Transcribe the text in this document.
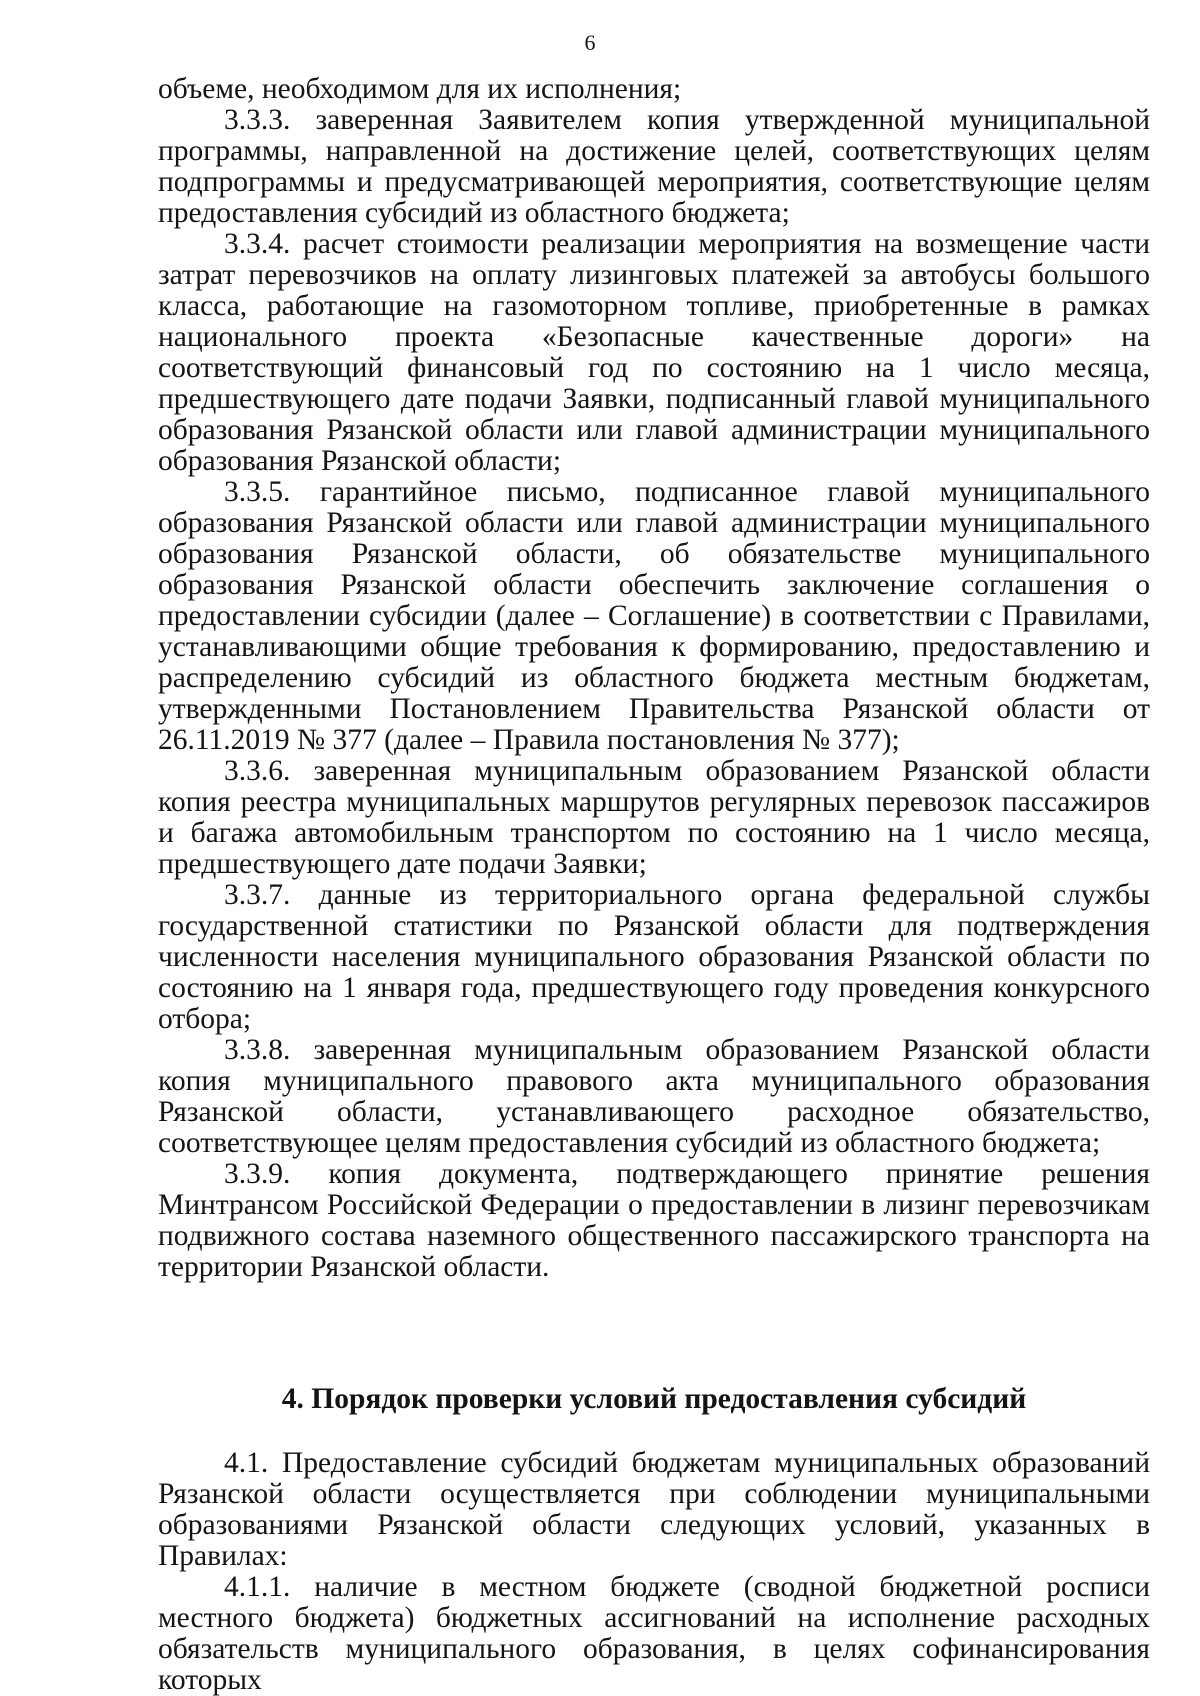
6

объеме, необходимом для их исполнения;

3.3.3. заверенная Заявителем копия утвержденной муниципальной программы, направленной на достижение целей, соответствующих целям подпрограммы и предусматривающей мероприятия, соответствующие целям предоставления субсидий из областного бюджета;

3.3.4. расчет стоимости реализации мероприятия на возмещение части затрат перевозчиков на оплату лизинговых платежей за автобусы большого класса, работающие на газомоторном топливе, приобретенные в рамках национального проекта «Безопасные качественные дороги» на соответствующий финансовый год по состоянию на 1 число месяца, предшествующего дате подачи Заявки, подписанный главой муниципального образования Рязанской области или главой администрации муниципального образования Рязанской области;

3.3.5. гарантийное письмо, подписанное главой муниципального образования Рязанской области или главой администрации муниципального образования Рязанской области, об обязательстве муниципального образования Рязанской области обеспечить заключение соглашения о предоставлении субсидии (далее – Соглашение) в соответствии с Правилами, устанавливающими общие требования к формированию, предоставлению и распределению субсидий из областного бюджета местным бюджетам, утвержденными Постановлением Правительства Рязанской области от 26.11.2019 № 377 (далее – Правила постановления № 377);

3.3.6. заверенная муниципальным образованием Рязанской области копия реестра муниципальных маршрутов регулярных перевозок пассажиров и багажа автомобильным транспортом по состоянию на 1 число месяца, предшествующего дате подачи Заявки;

3.3.7. данные из территориального органа федеральной службы государственной статистики по Рязанской области для подтверждения численности населения муниципального образования Рязанской области по состоянию на 1 января года, предшествующего году проведения конкурсного отбора;

3.3.8. заверенная муниципальным образованием Рязанской области копия муниципального правового акта муниципального образования Рязанской области, устанавливающего расходное обязательство, соответствующее целям предоставления субсидий из областного бюджета;

3.3.9. копия документа, подтверждающего принятие решения Минтрансом Российской Федерации о предоставлении в лизинг перевозчикам подвижного состава наземного общественного пассажирского транспорта на территории Рязанской области.

4. Порядок проверки условий предоставления субсидий

4.1. Предоставление субсидий бюджетам муниципальных образований Рязанской области осуществляется при соблюдении муниципальными образованиями Рязанской области следующих условий, указанных в Правилах:

4.1.1. наличие в местном бюджете (сводной бюджетной росписи местного бюджета) бюджетных ассигнований на исполнение расходных обязательств муниципального образования, в целях софинансирования которых
